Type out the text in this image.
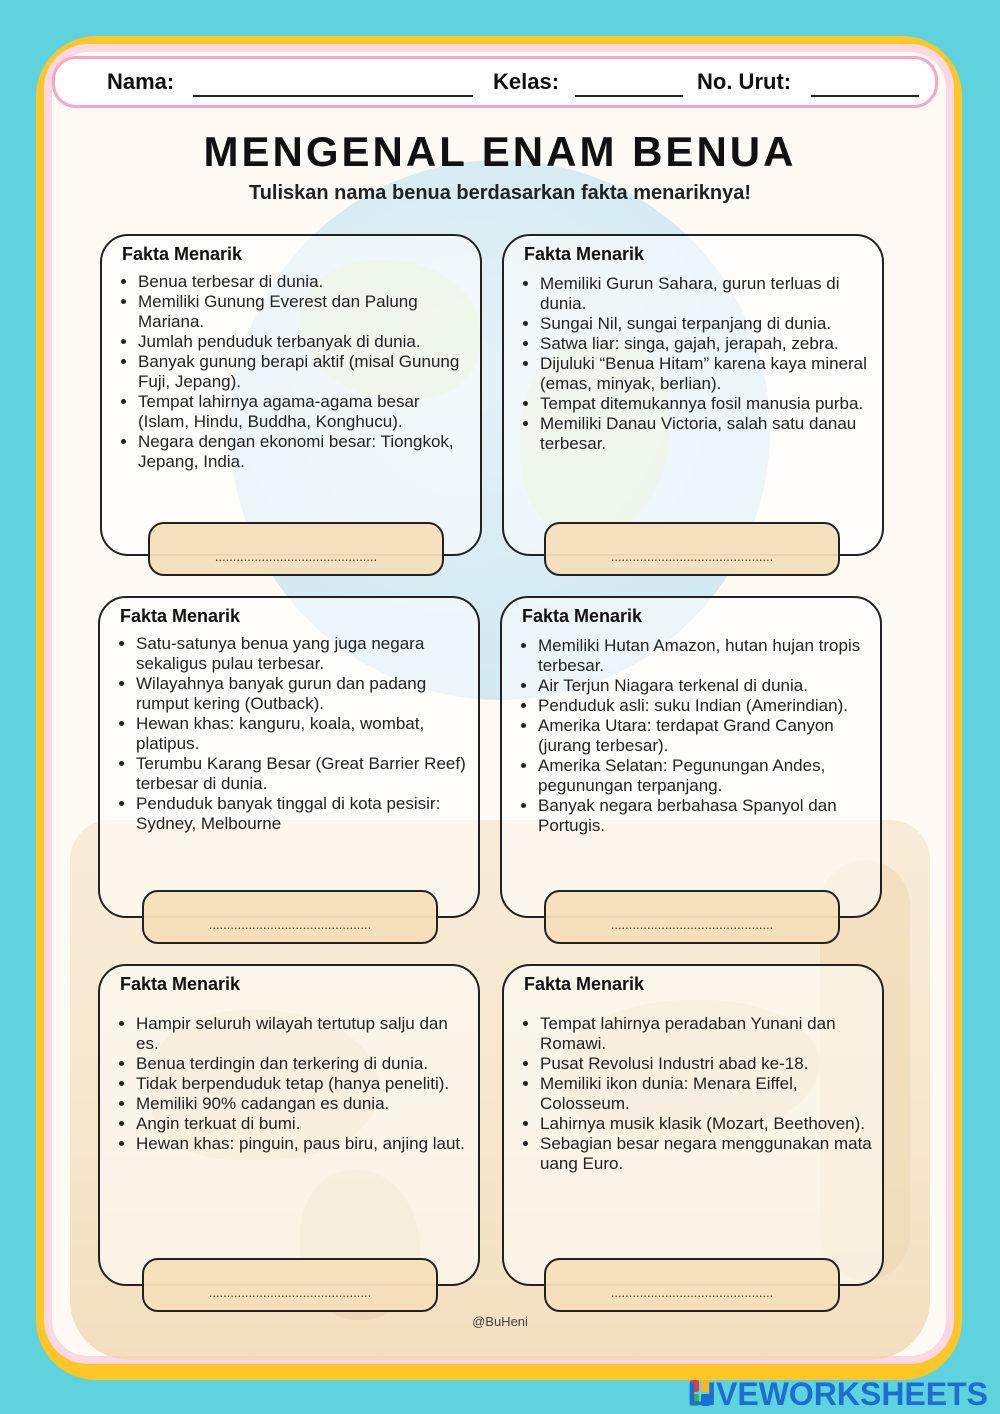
Nama:	Kelas:	No. Urut:
MENGENAL ENAM BENUA
Tuliskan nama benua berdasarkan fakta menariknya!
Fakta Menarik
• Benua terbesar di dunia.
• Memiliki Gunung Everest dan Palung Mariana.
• Jumlah penduduk terbanyak di dunia.
• Banyak gunung berapi aktif (misal Gunung Fuji, Jepang).
• Tempat lahirnya agama-agama besar (Islam, Hindu, Buddha, Konghucu).
• Negara dengan ekonomi besar: Tiongkok, Jepang, India.
.............................................
Fakta Menarik
• Memiliki Gurun Sahara, gurun terluas di dunia.
• Sungai Nil, sungai terpanjang di dunia.
• Satwa liar: singa, gajah, jerapah, zebra.
• Dijuluki “Benua Hitam” karena kaya mineral (emas, minyak, berlian).
• Tempat ditemukannya fosil manusia purba.
• Memiliki Danau Victoria, salah satu danau terbesar.
.............................................
Fakta Menarik
• Satu-satunya benua yang juga negara sekaligus pulau terbesar.
• Wilayahnya banyak gurun dan padang rumput kering (Outback).
• Hewan khas: kanguru, koala, wombat, platipus.
• Terumbu Karang Besar (Great Barrier Reef) terbesar di dunia.
• Penduduk banyak tinggal di kota pesisir: Sydney, Melbourne
.............................................
Fakta Menarik
• Memiliki Hutan Amazon, hutan hujan tropis terbesar.
• Air Terjun Niagara terkenal di dunia.
• Penduduk asli: suku Indian (Amerindian).
• Amerika Utara: terdapat Grand Canyon (jurang terbesar).
• Amerika Selatan: Pegunungan Andes, pegunungan terpanjang.
• Banyak negara berbahasa Spanyol dan Portugis.
.............................................
Fakta Menarik
• Hampir seluruh wilayah tertutup salju dan es.
• Benua terdingin dan terkering di dunia.
• Tidak berpenduduk tetap (hanya peneliti).
• Memiliki 90% cadangan es dunia.
• Angin terkuat di bumi.
• Hewan khas: pinguin, paus biru, anjing laut.
.............................................
Fakta Menarik
• Tempat lahirnya peradaban Yunani dan Romawi.
• Pusat Revolusi Industri abad ke-18.
• Memiliki ikon dunia: Menara Eiffel, Colosseum.
• Lahirnya musik klasik (Mozart, Beethoven).
• Sebagian besar negara menggunakan mata uang Euro.
.............................................
@BuHeni
LIVEWORKSHEETS
